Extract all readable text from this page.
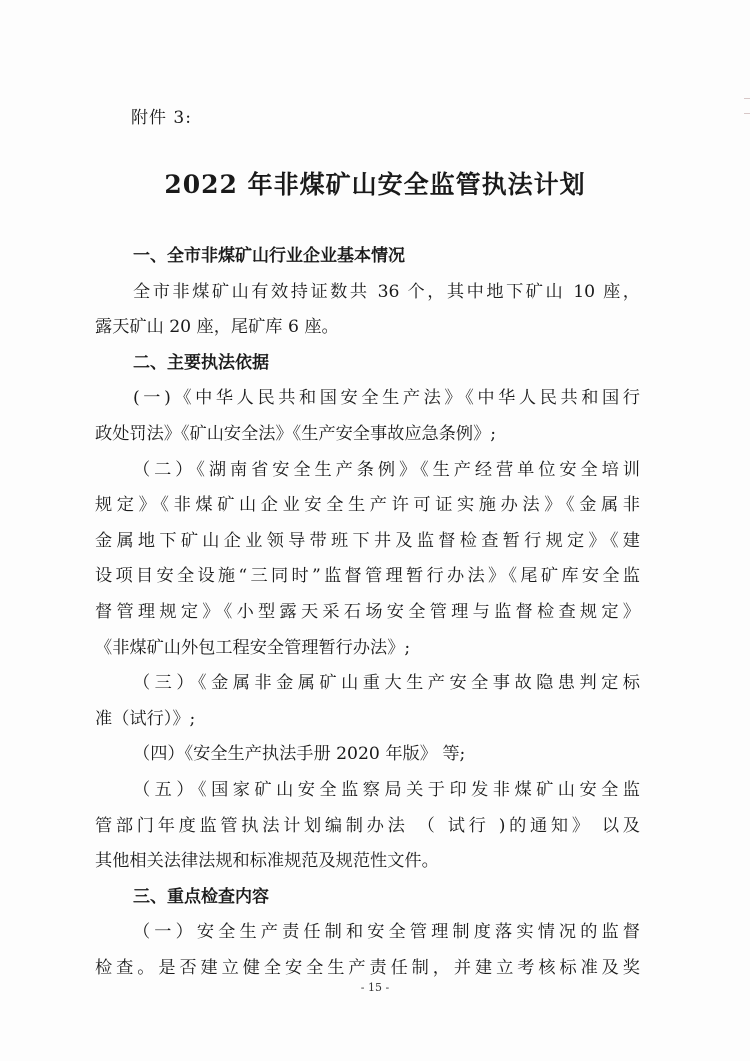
附件 3:
2022 年非煤矿山安全监管执法计划
一、全市非煤矿山行业企业基本情况
全市非煤矿山有效持证数共 36 个，其中地下矿山 10 座，
露天矿山 20 座，尾矿库 6 座。
二、主要执法依据
(一)《中华人民共和国安全生产法》《中华人民共和国行
政处罚法》《矿山安全法》《生产安全事故应急条例》;
（二）《湖南省安全生产条例》《生产经营单位安全培训
规定》《非煤矿山企业安全生产许可证实施办法》《金属非
金属地下矿山企业领导带班下井及监督检查暂行规定》《建
设项目安全设施“三同时”监督管理暂行办法》《尾矿库安全监
督管理规定》《小型露天采石场安全管理与监督检查规定》
《非煤矿山外包工程安全管理暂行办法》;
（三）《金属非金属矿山重大生产安全事故隐患判定标
准（试行）》;
（四）《安全生产执法手册 2020 年版》 等;
（五）《国家矿山安全监察局关于印发非煤矿山安全监
管部门年度监管执法计划编制办法 （ 试行 )的通知》 以及
其他相关法律法规和标准规范及规范性文件。
三、重点检查内容
（一）安全生产责任制和安全管理制度落实情况的监督
检查。是否建立健全安全生产责任制，并建立考核标准及奖
- 15 -
